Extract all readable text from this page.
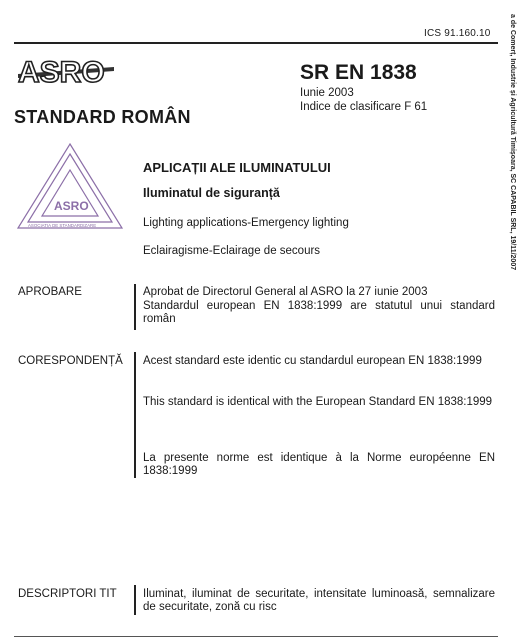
ICS 91.160.10
ASRO
STANDARD ROMÂN
SR EN 1838
Iunie 2003
Indice de clasificare F 61
ASRO
ASOCIATIA DE STANDARDIZARE
APLICAȚII ALE ILUMINATULUI
Iluminatul de siguranță
Lighting applications-Emergency lighting
Eclairagisme-Eclairage de secours
APROBARE	Aprobat de Directorul General al ASRO la 27 iunie 2003
Standardul european EN 1838:1999 are statutul unui standard român
CORESPONDENȚĂ Acest standard este identic cu standardul european EN 1838:1999
This standard is identical with the European Standard EN 1838:1999
La presente norme est identique à la Norme européenne EN 1838:1999
DESCRIPTORI TIT Iluminat, iluminat de securitate, intensitate luminoasă, semnalizare de securitate, zonă cu risc
a de Comerț, Industrie și Agricultură Timișoara, SC CAPABIL SRL, 19/11/2007
